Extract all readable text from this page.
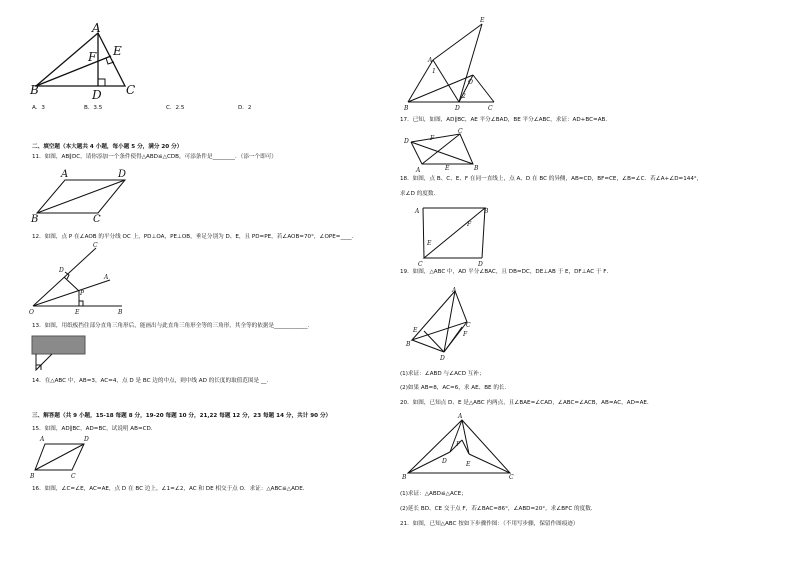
A．3	B．3.5	C．2.5	D．2
二、填空题（本大题共 4 小题，每小题 5 分，满分 20 分）
11．如图，AB∥DC，请你添加一个条件使得△ABD≌△CDB，可添条件是________．（添一个即可）
12．如图，点 P 在∠AOB 的平分线 OC 上，PD⊥OA，PE⊥OB，垂足分别为 D、E，且 PD=PE，若∠AOB=70°，∠OPE=____.
13．如图，用纸板挡住部分直角三角形后，能画出与此直角三角形全等的三角形，其全等的依据是____________.
14．在△ABC 中，AB=3，AC=4，点 D 是 BC 边的中点，则中线 AD 的长度的取值范围是 __.
三、解答题（共 9 小题，15-18 每题 8 分，19-20 每题 10 分，21,22 每题 12 分，23 每题 14 分，共计 90 分）
15．如图，AD∥BC，AD=BC，试说明 AB=CD．
16．如图，∠C=∠E，AC=AE，点 D 在 BC 边上，∠1=∠2，AC 和 DE 相交于点 O．求证：△ABC≌△ADE．
17．已知，如图，AD∥BC，AE 平分∠BAD，BE 平分∠ABC，求证：AD+BC=AB．
18．如图，点 B、C、E、F 在同一直线上，点 A、D 在 BC 的异侧，AB=CD，BF=CE，∠B=∠C．若∠A+∠D=144°，
求∠D 的度数．
19．如图，△ABC 中，AD 平分∠BAC，且 DB=DC，DE⊥AB 于 E，DF⊥AC 于 F．
(1)求证：∠ABD 与∠ACD 互补；
(2)如果 AB=8，AC=6，求 AE、BE 的长．
20．如图，已知点 D、E 是△ABC 内两点，且∠BAE=∠CAD，∠ABC=∠ACB，AB=AC，AD=AE．
(1)求证：△ABD≌△ACE；
(2)延长 BD、CE 交于点 F，若∠BAC=86°，∠ABD=20°，求∠BFC 的度数．
21．如图，已知△ABC 按如下步骤作图：（不用写步骤，保留作图痕迹）
A
F E
B	D C
A	D
B	C
C
D
A
P
O	E	B
A	D
B	C
E
A
1
O
2
B	D	C
D	F
C
A	E	B
A	B
E
F
C	D
A
E
C
B
D
F
A
F
D	E
B	C
